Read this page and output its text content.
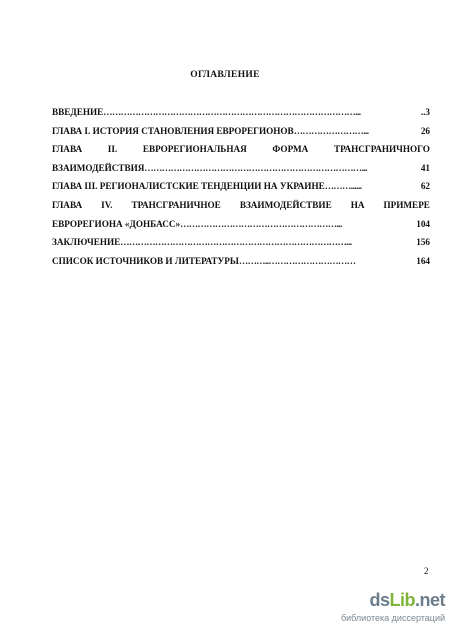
ОГЛАВЛЕНИЕ
ВВЕДЕНИЕ ……………………………………………………………………………...	..3
ГЛАВА I. ИСТОРИЯ СТАНОВЛЕНИЯ ЕВРОРЕГИОНОВ ……………………...	26
ГЛАВА	II.	ЕВРОРЕГИОНАЛЬНАЯ	ФОРМА	ТРАНСГРАНИЧНОГО
ВЗАИМОДЕЙСТВИЯ …………………………………………………………………...	41
ГЛАВА III. РЕГИОНАЛИСТСКИЕ ТЕНДЕНЦИИ НА УКРАИНЕ ………......	62
ГЛАВА IV. ТРАНСГРАНИЧНОЕ ВЗАИМОДЕЙСТВИЕ НА ПРИМЕРЕ
ЕВРОРЕГИОНА «ДОНБАСС» ………………………………………………...	104
ЗАКЛЮЧЕНИЕ ……………………………………………………………………...	156
СПИСОК ИСТОЧНИКОВ И ЛИТЕРАТУРЫ ………..…………………………	164
2
dsLib.net
библиотека диссертаций
